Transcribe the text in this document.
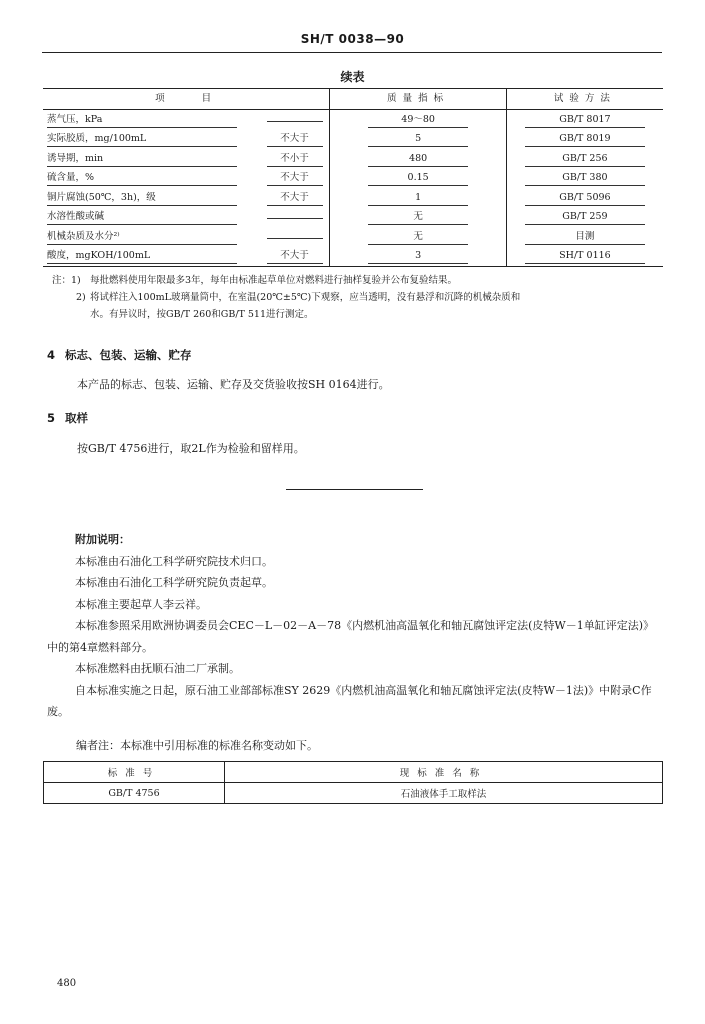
SH/T 0038—90
续表
项　　目		质量指标	试验方法
蒸气压，kPa		49～80	GB/T 8017
实际胶质，mg/100mL	不大于	5	GB/T 8019
诱导期，min	不小于	480	GB/T 256
硫含量，%	不大于	0.15	GB/T 380
铜片腐蚀(50℃，3h)，级	不大于	1	GB/T 5096
水溶性酸或碱		无	GB/T 259
机械杂质及水分²⁾		无	目测
酸度，mgKOH/100mL	不大于	3	SH/T 0116
注：1) 每批燃料使用年限最多3年，每年由标准起草单位对燃料进行抽样复验并公布复验结果。
2) 将试样注入100mL玻璃量筒中，在室温(20℃±5℃)下观察，应当透明，没有悬浮和沉降的机械杂质和
水。有异议时，按GB/T 260和GB/T 511进行测定。
4 标志、包装、运输、贮存
本产品的标志、包装、运输、贮存及交货验收按SH 0164进行。
5 取样
按GB/T 4756进行，取2L作为检验和留样用。

附加说明：

本标准由石油化工科学研究院技术归口。

本标准由石油化工科学研究院负责起草。

本标准主要起草人李云祥。

本标准参照采用欧洲协调委员会CEC－L－02－A－78《内燃机油高温氧化和轴瓦腐蚀评定法(皮特W－1单缸评定法)》中的第4章燃料部分。

本标准燃料由抚顺石油二厂承制。

自本标准实施之日起，原石油工业部部标准SY 2629《内燃机油高温氧化和轴瓦腐蚀评定法(皮特W－1法)》中附录C作废。

编者注：本标准中引用标准的标准名称变动如下。
标准号	现标准名称
GB/T 4756	石油液体手工取样法
480
